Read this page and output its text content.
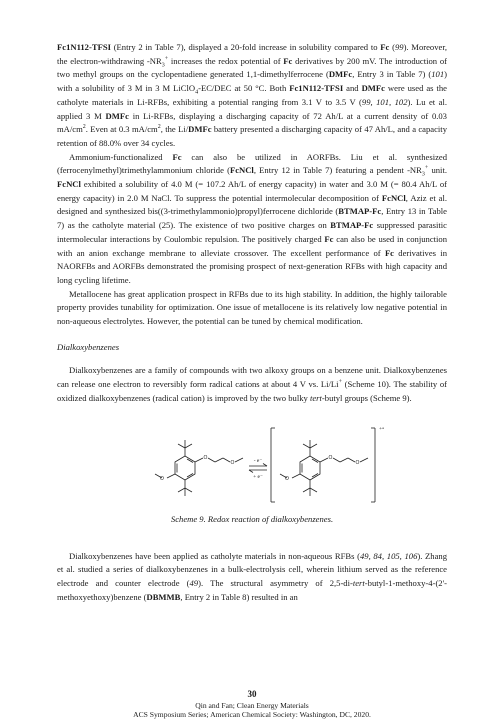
Fc1N112-TFSI (Entry 2 in Table 7), displayed a 20-fold increase in solubility compared to Fc (99). Moreover, the electron-withdrawing $-NR_3^+$ increases the redox potential of Fc derivatives by 200 mV. The introduction of two methyl groups on the cyclopentadiene generated 1,1-dimethylferrocene (DMFc, Entry 3 in Table 7) (101) with a solubility of 3 M in 3 M LiClO$_4$-EC/DEC at 50 °C. Both Fc1N112-TFSI and DMFc were used as the catholyte materials in Li-RFBs, exhibiting a potential ranging from 3.1 V to 3.5 V (99, 101, 102). Lu et al. applied 3 M DMFc in Li-RFBs, displaying a discharging capacity of 72 Ah/L at a current density of 0.03 $mA/cm^2$. Even at 0.3 $mA/cm^2$, the Li/DMFc battery presented a discharging capacity of 47 Ah/L, and a capacity retention of 88.0% over 34 cycles.

Ammonium-functionalized Fc can also be utilized in AORFBs. Liu et al. synthesized (ferrocenylmethyl)trimethylammonium chloride (FcNCl, Entry 12 in Table 7) featuring a pendent $-NR_3^+$ unit. FcNCl exhibited a solubility of 4.0 M (= 107.2 Ah/L of energy capacity) in water and 3.0 M (= 80.4 Ah/L of energy capacity) in 2.0 M NaCl. To suppress the potential intermolecular decomposition of FcNCl, Aziz et al. designed and synthesized bis((3-trimethylammonio)propyl)ferrocene dichloride (BTMAP-Fc, Entry 13 in Table 7) as the catholyte material (25). The existence of two positive charges on BTMAP-Fc suppressed parasitic intermolecular interactions by Coulombic repulsion. The positively charged Fc can also be used in conjunction with an anion exchange membrane to alleviate crossover. The excellent performance of Fc derivatives in NAORFBs and AORFBs demonstrated the promising prospect of next-generation RFBs with high capacity and long cycling lifetime.

Metallocene has great application prospect in RFBs due to its high stability. In addition, the highly tailorable property provides tunability for optimization. One issue of metallocene is its relatively low negative potential in non-aqueous electrolytes. However, the potential can be tuned by chemical modification.

Dialkoxybenzenes

Dialkoxybenzenes are a family of compounds with two alkoxy groups on a benzene unit. Dialkoxybenzenes can release one electron to reversibly form radical cations at about 4 V vs. Li/Li+ (Scheme 10). The stability of oxidized dialkoxybenzenes (radical cation) is improved by the two bulky tert-butyl groups (Scheme 9).

O
O
O
O
O
O
- e⁻
+ e⁻
+•
Scheme 9. Redox reaction of dialkoxybenzenes.

Dialkoxybenzenes have been applied as catholyte materials in non-aqueous RFBs (49, 84, 105, 106). Zhang et al. studied a series of dialkoxybenzenes in a bulk-electrolysis cell, wherein lithium served as the reference electrode and counter electrode (49). The structural asymmetry of 2,5-di-tert-butyl-1-methoxy-4-(2'-methoxyethoxy)benzene (DBMMB, Entry 2 in Table 8) resulted in an

30
Qin and Fan; Clean Energy Materials
ACS Symposium Series; American Chemical Society: Washington, DC, 2020.
